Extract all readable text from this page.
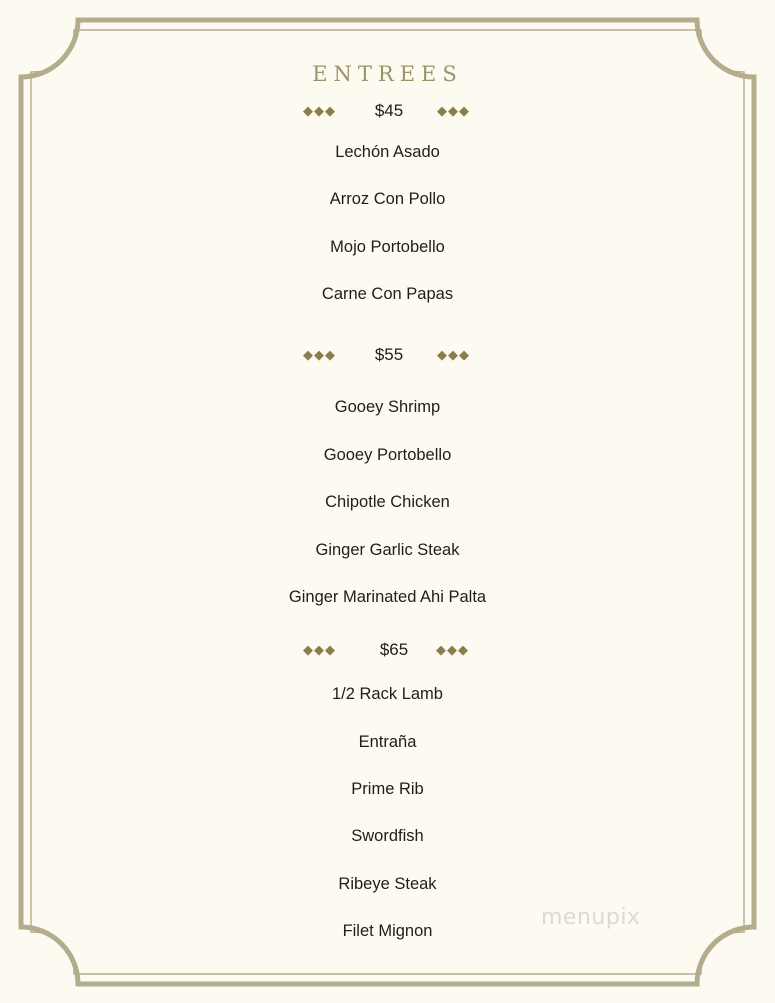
ENTREES
◆◆◆	$45	◆◆◆
Lechón Asado
Arroz Con Pollo
Mojo Portobello
Carne Con Papas
◆◆◆	$55	◆◆◆
Gooey Shrimp
Gooey Portobello
Chipotle Chicken
Ginger Garlic Steak
Ginger Marinated Ahi Palta
◆◆◆	$65	◆◆◆
1/2 Rack Lamb
Entraña
Prime Rib
Swordfish
Ribeye Steak
Filet Mignon
menupix
